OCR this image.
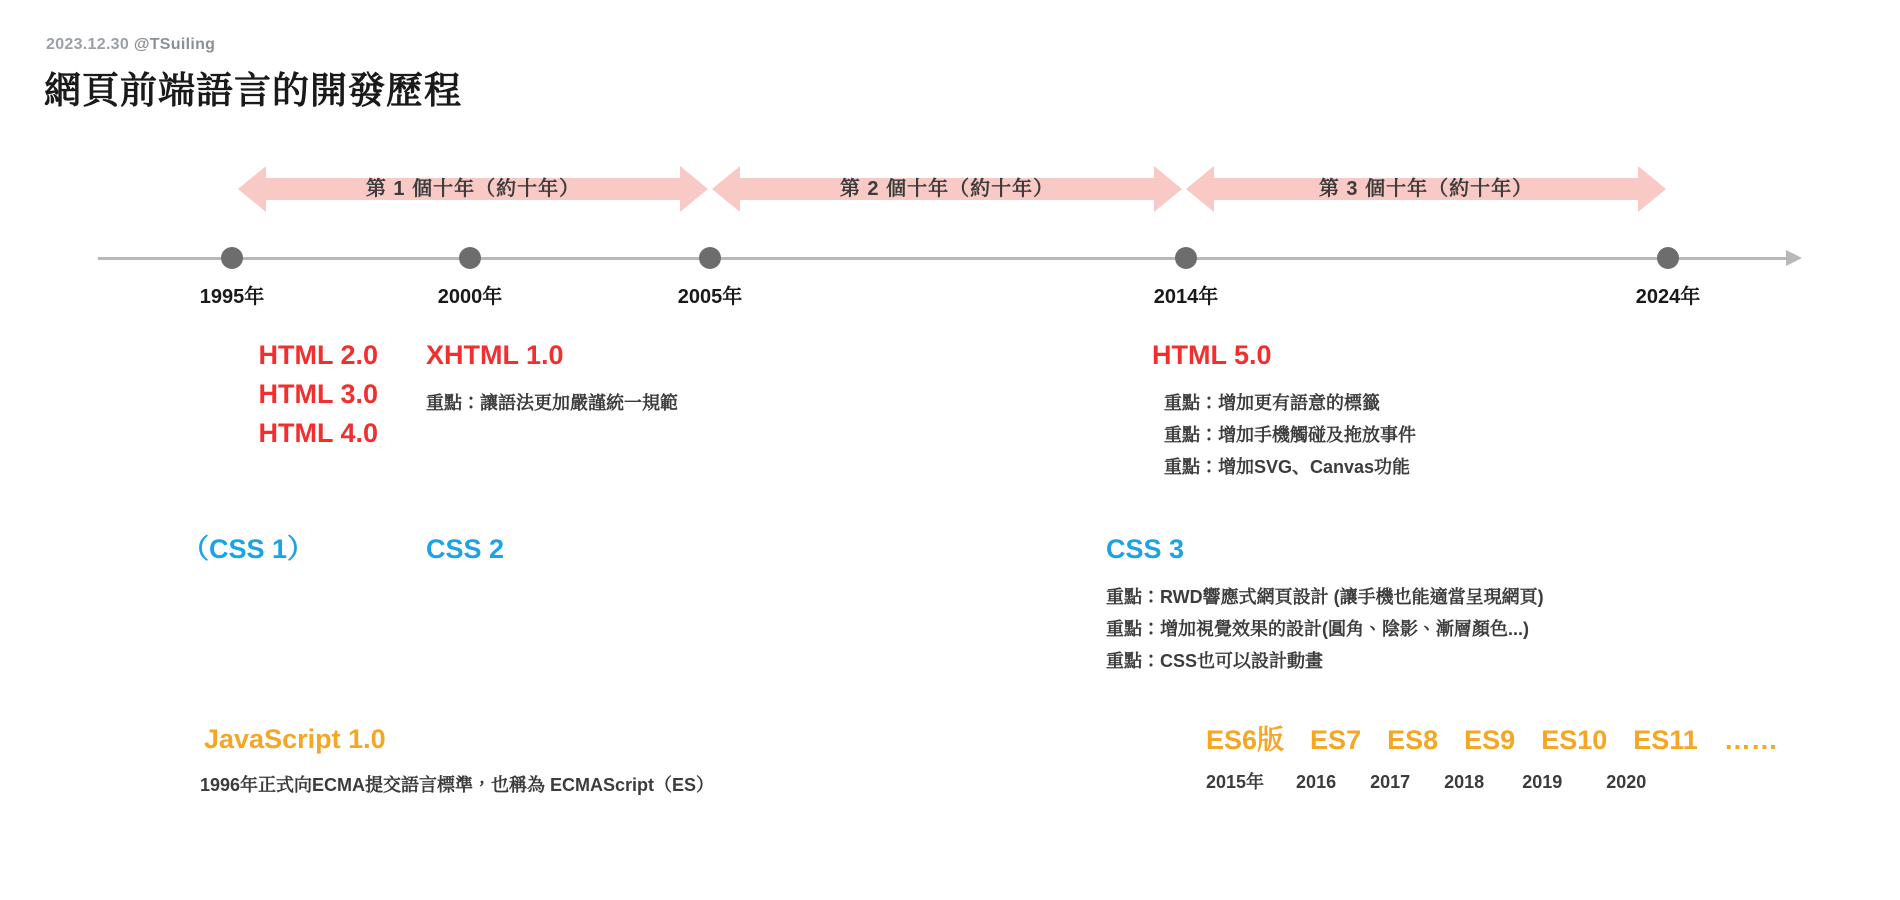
2023.12.30 @TSuiling
網頁前端語言的開發歷程
第 1 個十年（約十年）	第 2 個十年（約十年）	第 3 個十年（約十年）
1995年	2000年	2005年	2014年	2024年
HTML 2.0
HTML 3.0
HTML 4.0
XHTML 1.0
重點：讓語法更加嚴謹統一規範
HTML 5.0
重點：增加更有語意的標籤
重點：增加手機觸碰及拖放事件
重點：增加SVG、Canvas功能
（CSS 1）	CSS 2	CSS 3
重點：RWD響應式網頁設計 (讓手機也能適當呈現網頁)
重點：增加視覺效果的設計(圓角、陰影、漸層顏色...)
重點：CSS也可以設計動畫
JavaScript 1.0
1996年正式向ECMA提交語言標準，也稱為 ECMAScript（ES）
ES6版 ES7 ES8 ES9 ES10 ES11 ……
2015年 2016 2017 2018 2019 2020
